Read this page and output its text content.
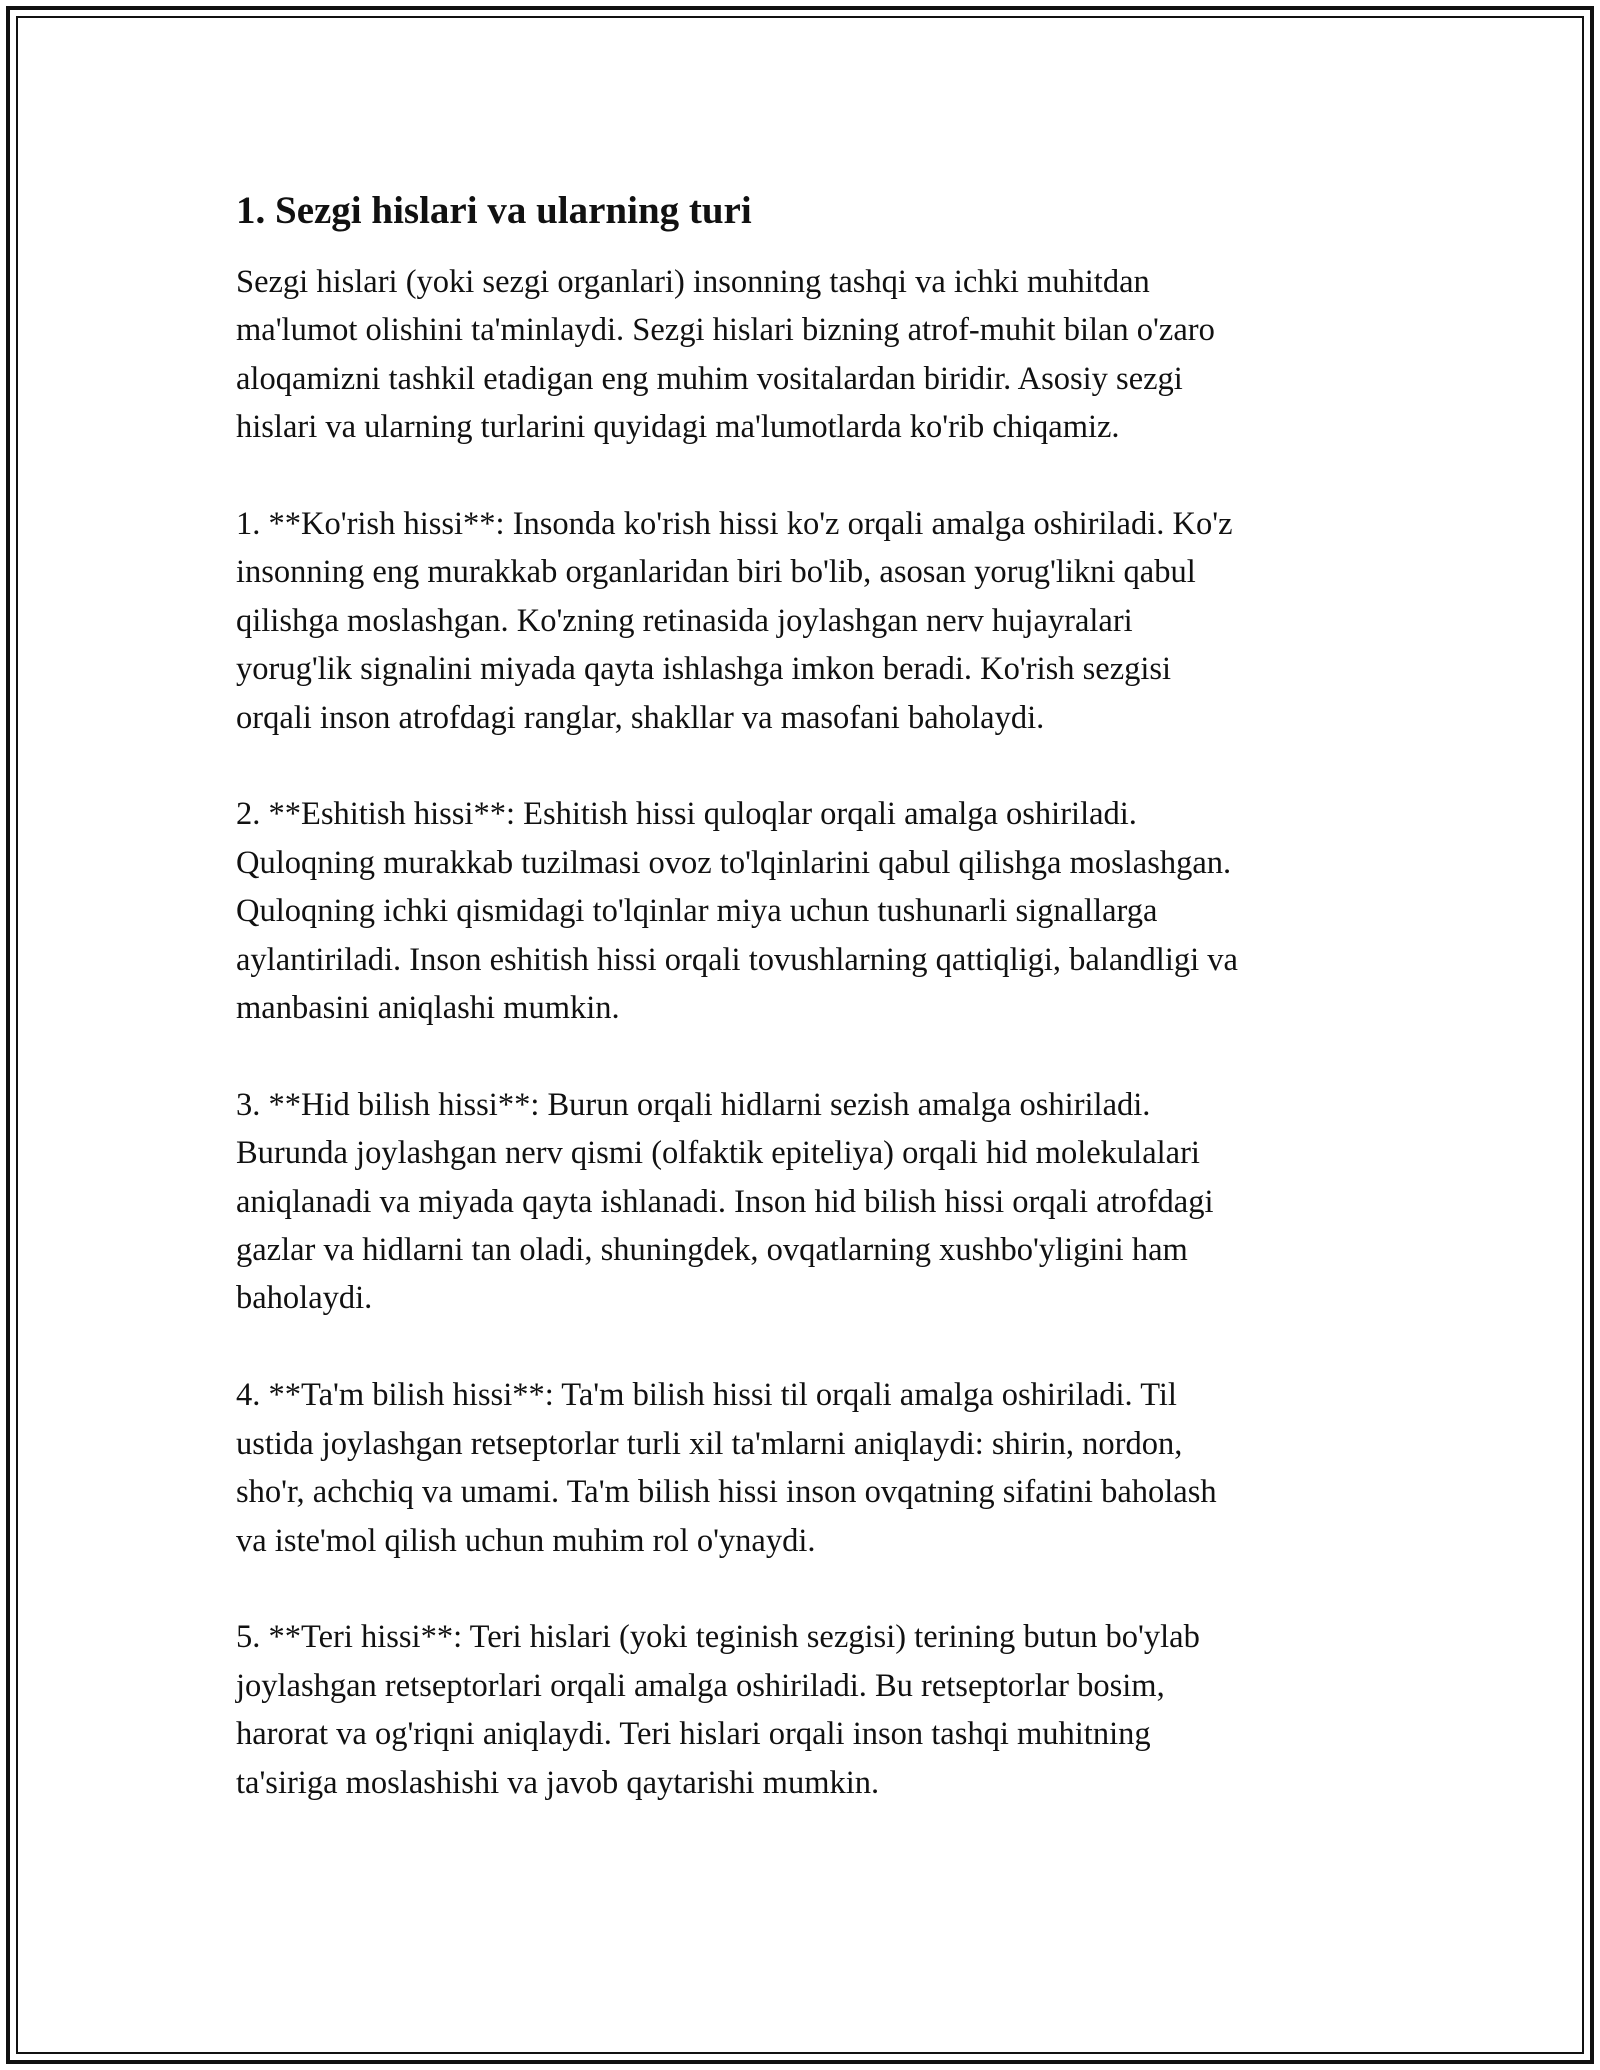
1. Sezgi hislari va ularning turi

Sezgi hislari (yoki sezgi organlari) insonning tashqi va ichki muhitdan
ma'lumot olishini ta'minlaydi. Sezgi hislari bizning atrof-muhit bilan o'zaro
aloqamizni tashkil etadigan eng muhim vositalardan biridir. Asosiy sezgi
hislari va ularning turlarini quyidagi ma'lumotlarda ko'rib chiqamiz.

1. **Ko'rish hissi**: Insonda ko'rish hissi ko'z orqali amalga oshiriladi. Ko'z
insonning eng murakkab organlaridan biri bo'lib, asosan yorug'likni qabul
qilishga moslashgan. Ko'zning retinasida joylashgan nerv hujayralari
yorug'lik signalini miyada qayta ishlashga imkon beradi. Ko'rish sezgisi
orqali inson atrofdagi ranglar, shakllar va masofani baholaydi.

2. **Eshitish hissi**: Eshitish hissi quloqlar orqali amalga oshiriladi.
Quloqning murakkab tuzilmasi ovoz to'lqinlarini qabul qilishga moslashgan.
Quloqning ichki qismidagi to'lqinlar miya uchun tushunarli signallarga
aylantiriladi. Inson eshitish hissi orqali tovushlarning qattiqligi, balandligi va
manbasini aniqlashi mumkin.

3. **Hid bilish hissi**: Burun orqali hidlarni sezish amalga oshiriladi.
Burunda joylashgan nerv qismi (olfaktik epiteliya) orqali hid molekulalari
aniqlanadi va miyada qayta ishlanadi. Inson hid bilish hissi orqali atrofdagi
gazlar va hidlarni tan oladi, shuningdek, ovqatlarning xushbo'yligini ham
baholaydi.

4. **Ta'm bilish hissi**: Ta'm bilish hissi til orqali amalga oshiriladi. Til
ustida joylashgan retseptorlar turli xil ta'mlarni aniqlaydi: shirin, nordon,
sho'r, achchiq va umami. Ta'm bilish hissi inson ovqatning sifatini baholash
va iste'mol qilish uchun muhim rol o'ynaydi.

5. **Teri hissi**: Teri hislari (yoki teginish sezgisi) terining butun bo'ylab
joylashgan retseptorlari orqali amalga oshiriladi. Bu retseptorlar bosim,
harorat va og'riqni aniqlaydi. Teri hislari orqali inson tashqi muhitning
ta'siriga moslashishi va javob qaytarishi mumkin.
